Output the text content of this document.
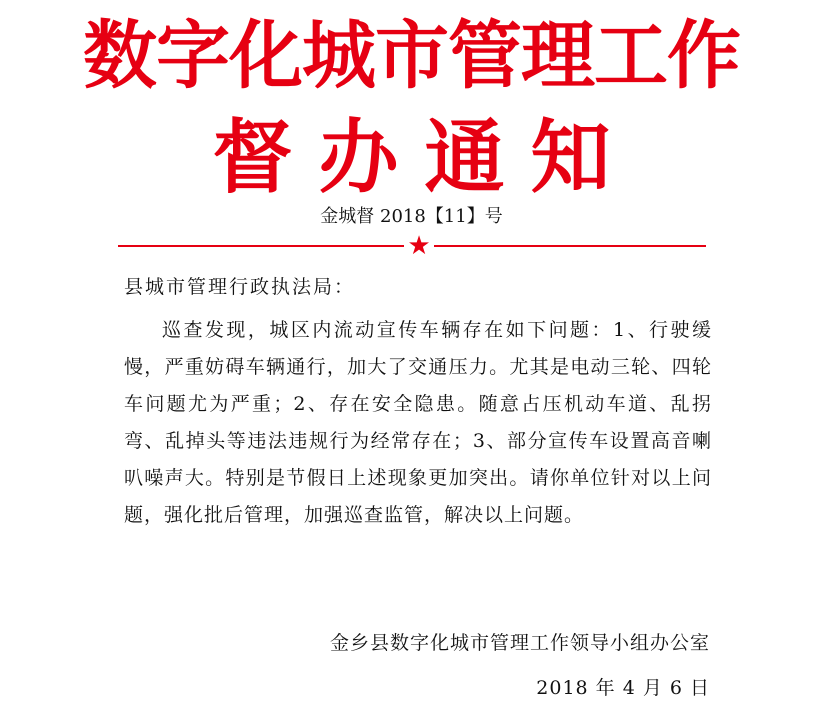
数字化城市管理工作
督办通知
金城督 2018【11】号
★
县城市管理行政执法局：

巡查发现，城区内流动宣传车辆存在如下问题：1、行驶缓慢，严重妨碍车辆通行，加大了交通压力。尤其是电动三轮、四轮车问题尤为严重；2、存在安全隐患。随意占压机动车道、乱拐弯、乱掉头等违法违规行为经常存在；3、部分宣传车设置高音喇叭噪声大。特别是节假日上述现象更加突出。请你单位针对以上问题，强化批后管理，加强巡查监管，解决以上问题。

金乡县数字化城市管理工作领导小组办公室
2018 年 4 月 6 日
